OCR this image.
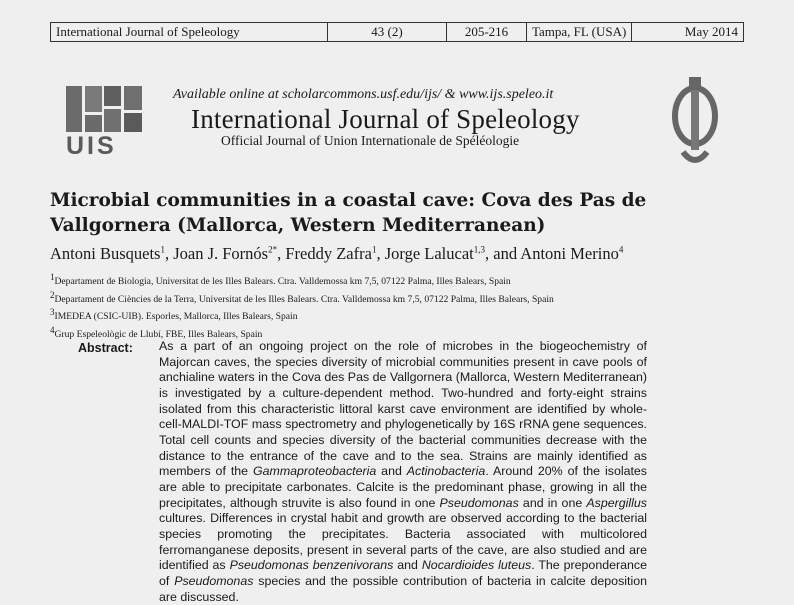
International Journal of Speleology	43 (2)	205-216	Tampa, FL (USA)	May 2014
UIS
Available online at scholarcommons.usf.edu/ijs/ & www.ijs.speleo.it
International Journal of Speleology
Official Journal of Union Internationale de Spéléologie
Microbial communities in a coastal cave: Cova des Pas de Vallgornera (Mallorca, Western Mediterranean)
Antoni Busquets$^1$, Joan J. Fornós$^{2*}$, Freddy Zafra$^1$, Jorge Lalucat$^{1,3}$, and Antoni Merino$^4$
$^1$Departament de Biologia, Universitat de les Illes Balears. Ctra. Valldemossa km 7,5, 07122 Palma, Illes Balears, Spain
$^2$Departament de Ciències de la Terra, Universitat de les Illes Balears. Ctra. Valldemossa km 7,5, 07122 Palma, Illes Balears, Spain
$^3$IMEDEA (CSIC-UIB). Esporles, Mallorca, Illes Balears, Spain
$^4$Grup Espeleològic de Llubí, FBE, Illes Balears, Spain
Abstract: As a part of an ongoing project on the role of microbes in the biogeochemistry of Majorcan caves, the species diversity of microbial communities present in cave pools of anchialine waters in the Cova des Pas de Vallgornera (Mallorca, Western Mediterranean) is investigated by a culture-dependent method. Two-hundred and forty-eight strains isolated from this characteristic littoral karst cave environment are identified by whole-cell-MALDI-TOF mass spectrometry and phylogenetically by 16S rRNA gene sequences. Total cell counts and species diversity of the bacterial communities decrease with the distance to the entrance of the cave and to the sea. Strains are mainly identified as members of the Gammaproteobacteria and Actinobacteria. Around 20% of the isolates are able to precipitate carbonates. Calcite is the predominant phase, growing in all the precipitates, although struvite is also found in one Pseudomonas and in one Aspergillus cultures. Differences in crystal habit and growth are observed according to the bacterial species promoting the precipitates. Bacteria associated with multicolored ferromanganese deposits, present in several parts of the cave, are also studied and are identified as Pseudomonas benzenivorans and Nocardioides luteus. The preponderance of Pseudomonas species and the possible contribution of bacteria in calcite deposition are discussed.
